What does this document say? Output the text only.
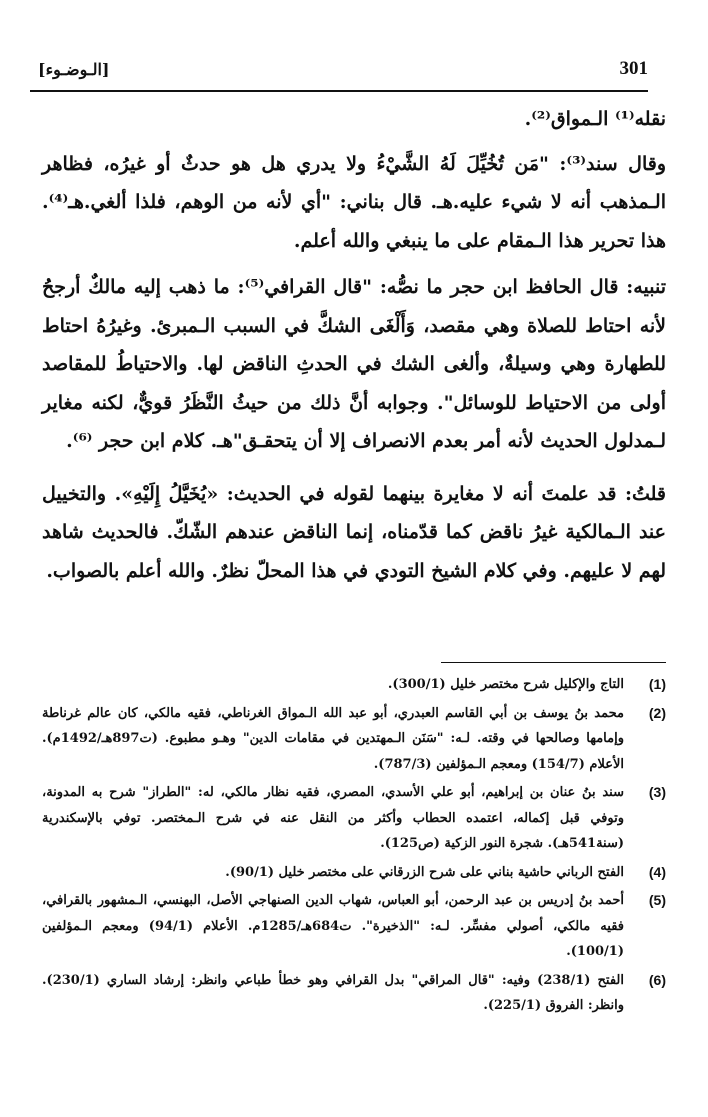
301
[الـوضـوء]

نقله⁽¹⁾ الـمواق⁽²⁾.

وقال سند⁽³⁾: "مَن تُخُيِّلَ لَهُ الشَّيْءُ ولا يدري هل هو حدثٌ أو غيرُه، فظاهر الـمذهب أنه لا شيء عليه.هـ. قال بناني: "أي لأنه من الوهم، فلذا ألغي.هـ⁽⁴⁾. هذا تحرير هذا الـمقام على ما ينبغي والله أعلم.

تنبيه: قال الحافظ ابن حجر ما نصُّه: "قال القرافي⁽⁵⁾: ما ذهب إليه مالكٌ أرجحُ لأنه احتاط للصلاة وهي مقصد، وَأَلْغَى الشكَّ في السبب الـمبرئ. وغيرُهُ احتاط للطهارة وهي وسيلةٌ، وألغى الشك في الحدثِ الناقض لها. والاحتياطُ للمقاصد أولى من الاحتياط للوسائل". وجوابه أنَّ ذلك من حيثُ النَّظَرُ قويٌّ، لكنه مغاير لـمدلول الحديث لأنه أمر بعدم الانصراف إلا أن يتحقـق"هـ. كلام ابن حجر ⁽⁶⁾.

قلتُ: قد علمتَ أنه لا مغايرة بينهما لقوله في الحديث: «يُخَيَّلُ إِلَيْهِ». والتخييل عند الـمالكية غيرُ ناقض كما قدّمناه، إنما الناقض عندهم الشّكّ. فالحديث شاهد لهم لا عليهم. وفي كلام الشيخ التودي في هذا المحلّ نظرٌ. والله أعلم بالصواب.

(1)
التاج والإكليل شرح مختصر خليل (300/1).
(2)
محمد بنُ يوسف بن أبي القاسم العبدري، أبو عبد الله الـمواق الغرناطي، فقيه مالكي، كان عالم غرناطة وإمامها وصالحها في وقته. لـه: "سَنَن الـمهتدين في مقامات الدين" وهـو مطبوع. (ت897هـ/1492م). الأعلام (154/7) ومعجم الـمؤلفين (787/3).
(3)
سند بنُ عنان بن إبراهيم، أبو علي الأسدي، المصري، فقيه نظار مالكي، له: "الطراز" شرح به المدونة، وتوفي قبل إكماله، اعتمده الحطاب وأكثر من النقل عنه في شرح الـمختصر. توفي بالإسكندرية (سنة541هـ). شجرة النور الزكية (ص125).
(4)
الفتح الرباني حاشية بناني على شرح الزرقاني على مختصر خليل (90/1).
(5)
أحمد بنُ إدريس بن عبد الرحمن، أبو العباس، شهاب الدين الصنهاجي الأصل، البهنسي، الـمشهور بالقرافي، فقيه مالكي، أصولي مفسِّر. لـه: "الذخيرة". ت684هـ/1285م. الأعلام (94/1) ومعجم الـمؤلفين (100/1).
(6)
الفتح (238/1) وفيه: "قال المراقي" بدل القرافي وهو خطأ طباعي وانظر: إرشاد الساري (230/1). وانظر: الفروق (225/1).
